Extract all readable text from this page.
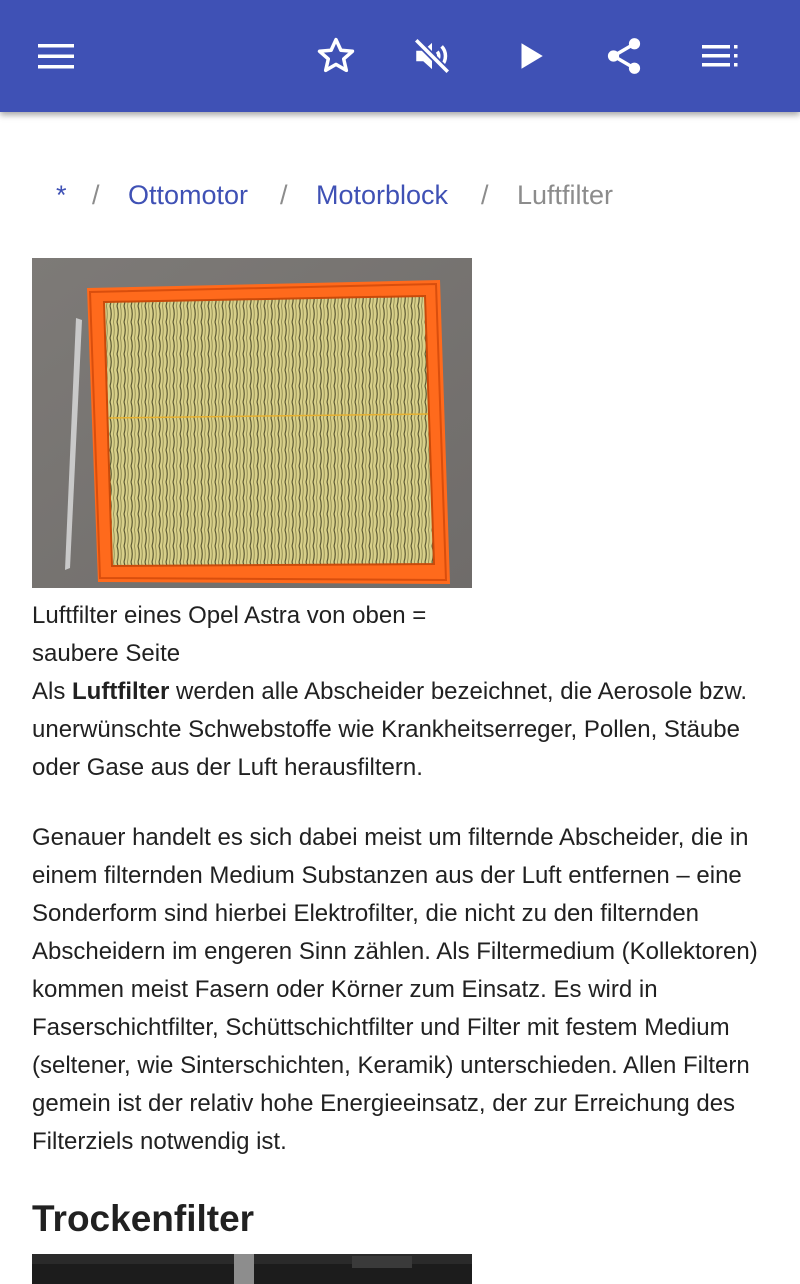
* / Ottomotor / Motorblock / Luftfilter
Luftfilter eines Opel Astra von oben = saubere Seite
Als Luftfilter werden alle Abscheider bezeichnet, die Aerosole bzw. unerwünschte Schwebstoffe wie Krankheitserreger, Pollen, Stäube oder Gase aus der Luft herausfiltern.
Genauer handelt es sich dabei meist um filternde Abscheider, die in einem filternden Medium Substanzen aus der Luft entfernen – eine Sonderform sind hierbei Elektrofilter, die nicht zu den filternden Abscheidern im engeren Sinn zählen. Als Filtermedium (Kollektoren) kommen meist Fasern oder Körner zum Einsatz. Es wird in Faserschichtfilter, Schüttschichtfilter und Filter mit festem Medium (seltener, wie Sinterschichten, Keramik) unterschieden. Allen Filtern gemein ist der relativ hohe Energieeinsatz, der zur Erreichung des Filterziels notwendig ist.
Trockenfilter
